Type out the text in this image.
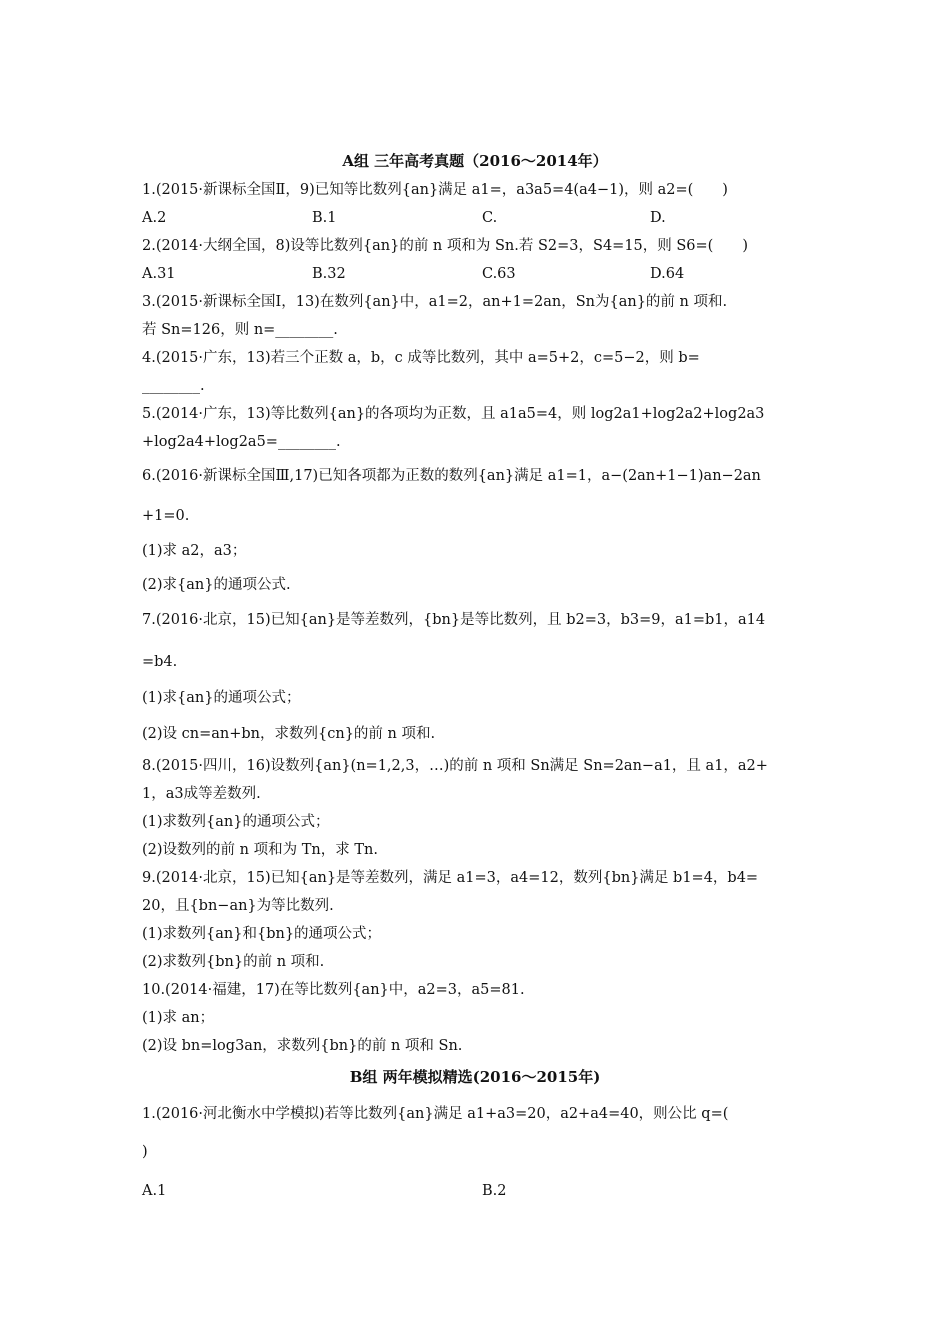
A组 三年高考真题（2016～2014年）
1.(2015·新课标全国Ⅱ，9)已知等比数列{an}满足 a1=，a3a5=4(a4−1)，则 a2=(　　)
A.2	B.1	C.	D.
2.(2014·大纲全国，8)设等比数列{an}的前 n 项和为 Sn.若 S2=3，S4=15，则 S6=(　　)
A.31	B.32	C.63	D.64
3.(2015·新课标全国Ⅰ，13)在数列{an}中，a1=2，an+1=2an，Sn为{an}的前 n 项和.
若 Sn=126，则 n=________.
4.(2015·广东，13)若三个正数 a，b，c 成等比数列，其中 a=5+2，c=5−2，则 b=
________.
5.(2014·广东，13)等比数列{an}的各项均为正数，且 a1a5=4，则 log2a1+log2a2+log2a3
+log2a4+log2a5=________.
6.(2016·新课标全国Ⅲ,17)已知各项都为正数的数列{an}满足 a1=1，a−(2an+1−1)an−2an
+1=0.
(1)求 a2，a3；
(2)求{an}的通项公式.
7.(2016·北京，15)已知{an}是等差数列，{bn}是等比数列，且 b2=3，b3=9，a1=b1，a14
=b4.
(1)求{an}的通项公式；
(2)设 cn=an+bn，求数列{cn}的前 n 项和.
8.(2015·四川，16)设数列{an}(n=1,2,3，…)的前 n 项和 Sn满足 Sn=2an−a1，且 a1，a2+
1，a3成等差数列.
(1)求数列{an}的通项公式；
(2)设数列的前 n 项和为 Tn，求 Tn.
9.(2014·北京，15)已知{an}是等差数列，满足 a1=3，a4=12，数列{bn}满足 b1=4，b4=
20，且{bn−an}为等比数列.
(1)求数列{an}和{bn}的通项公式；
(2)求数列{bn}的前 n 项和.
10.(2014·福建，17)在等比数列{an}中，a2=3，a5=81.
(1)求 an；
(2)设 bn=log3an，求数列{bn}的前 n 项和 Sn.
B组 两年模拟精选(2016～2015年)
1.(2016·河北衡水中学模拟)若等比数列{an}满足 a1+a3=20，a2+a4=40，则公比 q=(
)
A.1	B.2
